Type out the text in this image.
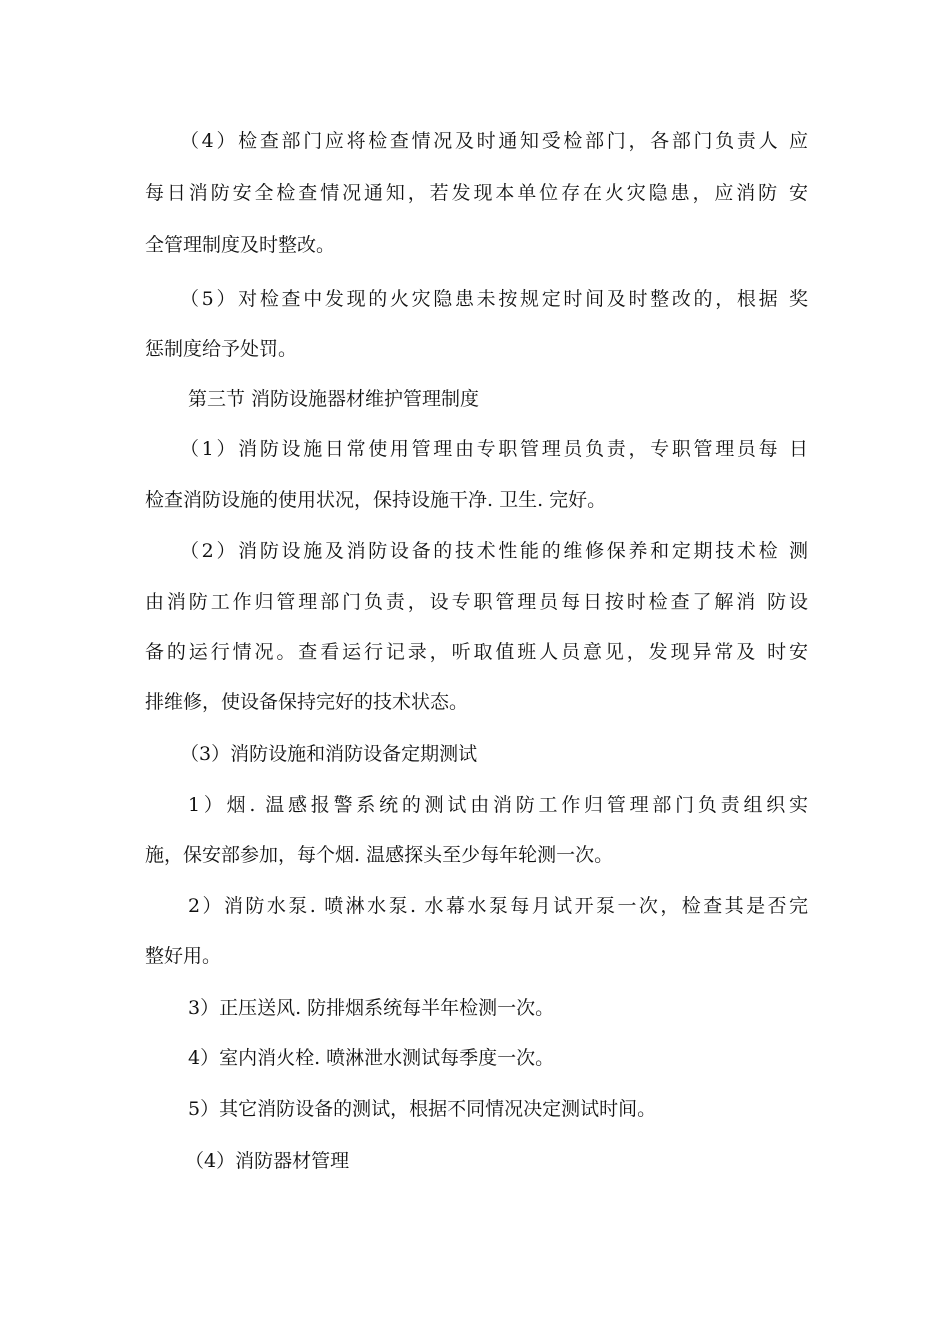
（4）检查部门应将检查情况及时通知受检部门，各部门负责人 应
每日消防安全检查情况通知，若发现本单位存在火灾隐患，应消防 安
全管理制度及时整改。
（5）对检查中发现的火灾隐患未按规定时间及时整改的，根据 奖
惩制度给予处罚。
第三节 消防设施器材维护管理制度
（1）消防设施日常使用管理由专职管理员负责，专职管理员每 日
检查消防设施的使用状况，保持设施干净. 卫生. 完好。
（2）消防设施及消防设备的技术性能的维修保养和定期技术检 测
由消防工作归管理部门负责，设专职管理员每日按时检查了解消 防设
备的运行情况。查看运行记录，听取值班人员意见，发现异常及 时安
排维修，使设备保持完好的技术状态。
（3）消防设施和消防设备定期测试
1）烟. 温感报警系统的测试由消防工作归管理部门负责组织实
施，保安部参加，每个烟. 温感探头至少每年轮测一次。
2）消防水泵. 喷淋水泵. 水幕水泵每月试开泵一次，检查其是否完
整好用。
3）正压送风. 防排烟系统每半年检测一次。
4）室内消火栓. 喷淋泄水测试每季度一次。
5）其它消防设备的测试，根据不同情况决定测试时间。
（4）消防器材管理
